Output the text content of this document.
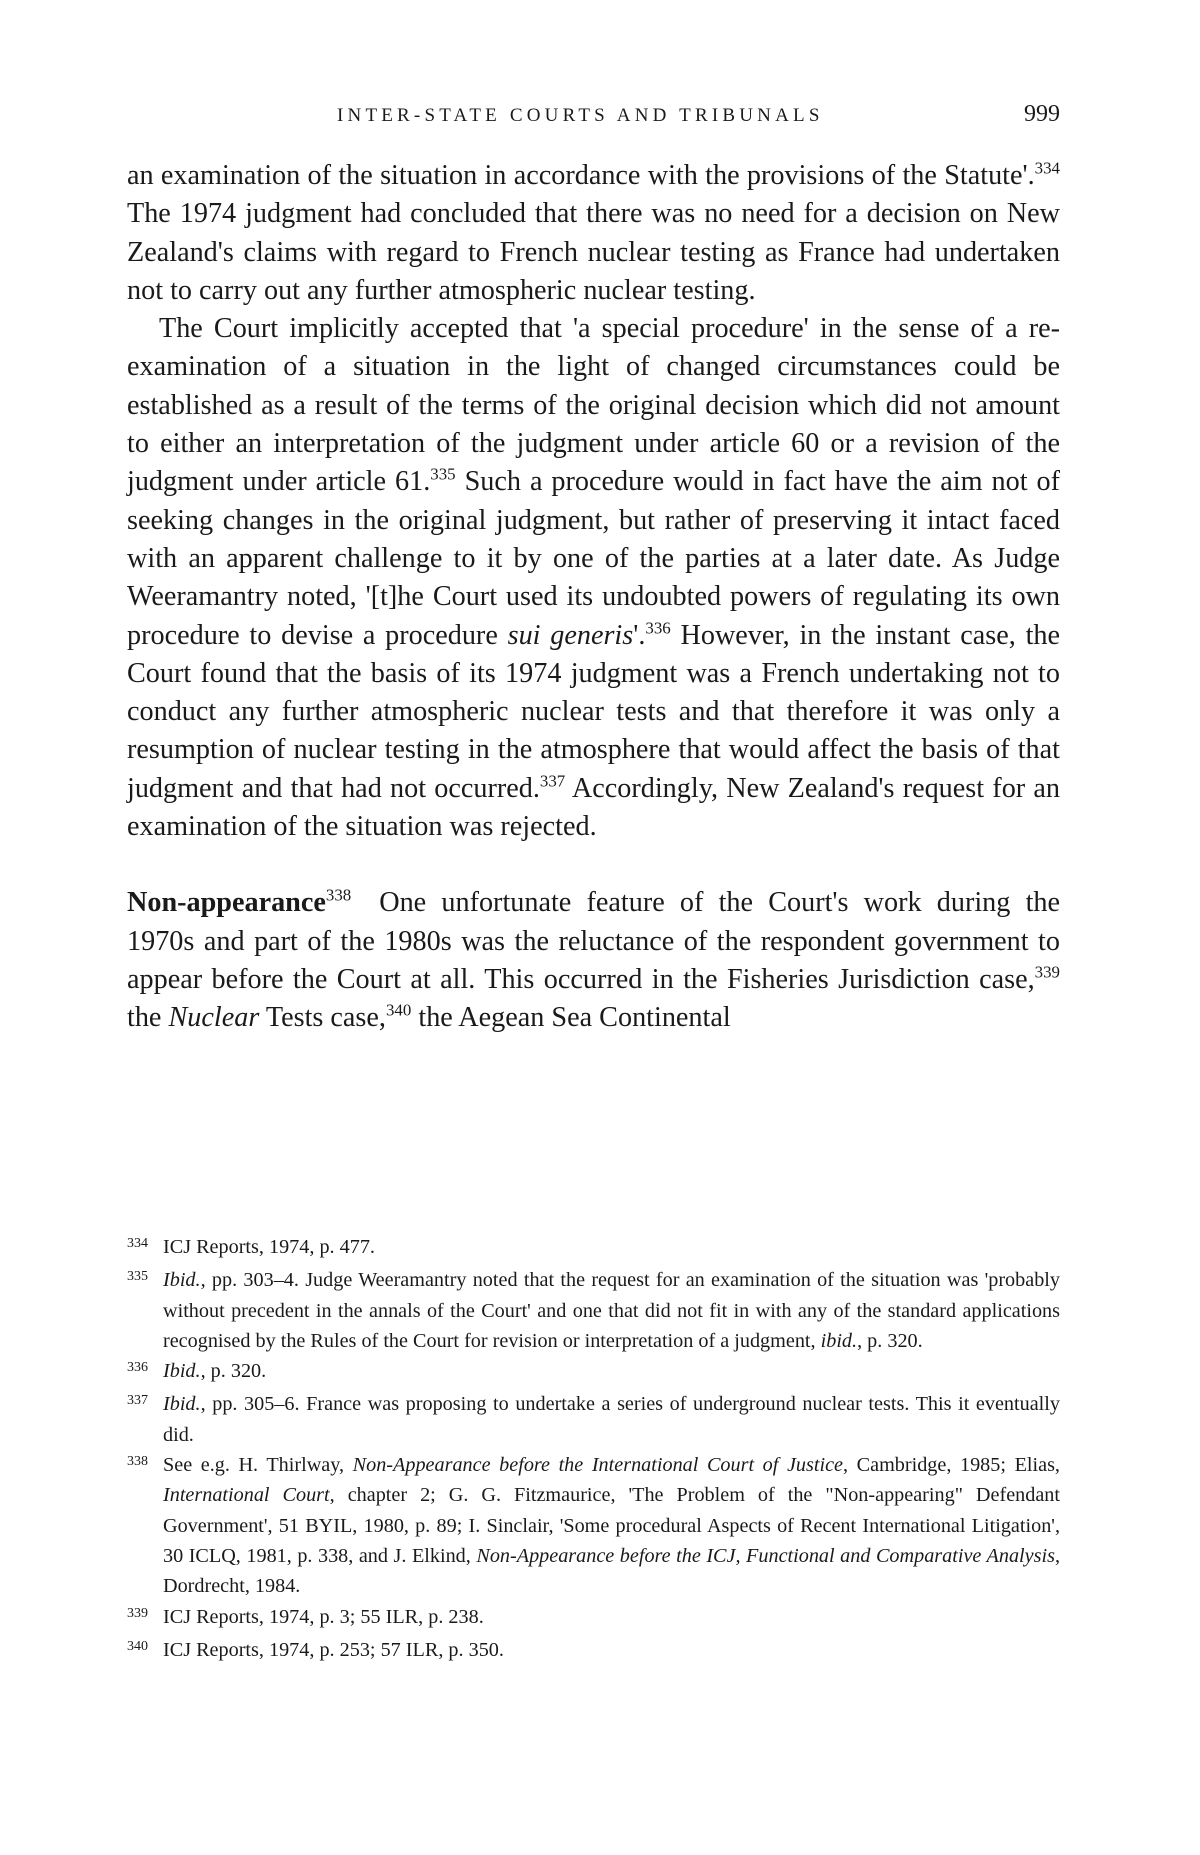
INTER-STATE COURTS AND TRIBUNALS	999

an examination of the situation in accordance with the provisions of the Statute'.$^{334}$ The 1974 judgment had concluded that there was no need for a decision on New Zealand's claims with regard to French nuclear testing as France had undertaken not to carry out any further atmospheric nuclear testing.

The Court implicitly accepted that 'a special procedure' in the sense of a re-examination of a situation in the light of changed circumstances could be established as a result of the terms of the original decision which did not amount to either an interpretation of the judgment under article 60 or a revision of the judgment under article 61.$^{335}$ Such a procedure would in fact have the aim not of seeking changes in the original judgment, but rather of preserving it intact faced with an apparent challenge to it by one of the parties at a later date. As Judge Weeramantry noted, '[t]he Court used its undoubted powers of regulating its own procedure to devise a procedure sui generis'.$^{336}$ However, in the instant case, the Court found that the basis of its 1974 judgment was a French undertaking not to conduct any further atmospheric nuclear tests and that therefore it was only a resumption of nuclear testing in the atmosphere that would affect the basis of that judgment and that had not occurred.$^{337}$ Accordingly, New Zealand's request for an examination of the situation was rejected.

Non-appearance$^{338}$ One unfortunate feature of the Court's work during the 1970s and part of the 1980s was the reluctance of the respondent government to appear before the Court at all. This occurred in the Fisheries Jurisdiction case,$^{339}$ the Nuclear Tests case,$^{340}$ the Aegean Sea Continental

334 ICJ Reports, 1974, p. 477.
335 Ibid., pp. 303–4. Judge Weeramantry noted that the request for an examination of the situation was 'probably without precedent in the annals of the Court' and one that did not fit in with any of the standard applications recognised by the Rules of the Court for revision or interpretation of a judgment, ibid., p. 320.
336 Ibid., p. 320.
337 Ibid., pp. 305–6. France was proposing to undertake a series of underground nuclear tests. This it eventually did.
338 See e.g. H. Thirlway, Non-Appearance before the International Court of Justice, Cambridge, 1985; Elias, International Court, chapter 2; G. G. Fitzmaurice, 'The Problem of the "Non-appearing" Defendant Government', 51 BYIL, 1980, p. 89; I. Sinclair, 'Some procedural Aspects of Recent International Litigation', 30 ICLQ, 1981, p. 338, and J. Elkind, Non-Appearance before the ICJ, Functional and Comparative Analysis, Dordrecht, 1984.
339 ICJ Reports, 1974, p. 3; 55 ILR, p. 238.
340 ICJ Reports, 1974, p. 253; 57 ILR, p. 350.
